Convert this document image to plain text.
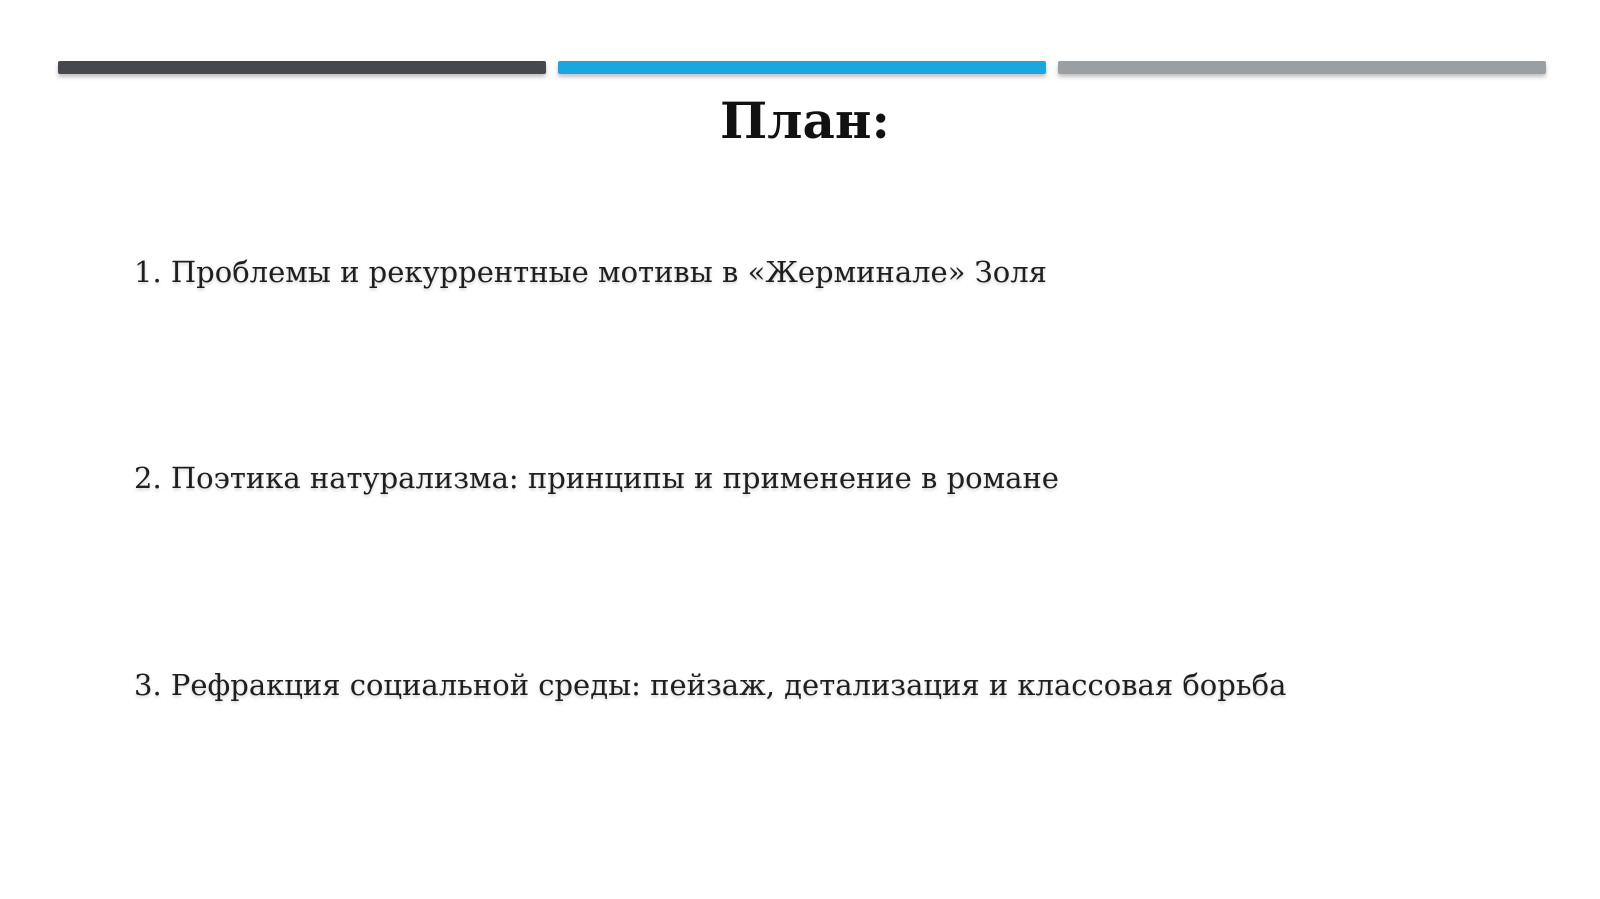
План:
1. Проблемы и рекуррентные мотивы в «Жерминале» Золя
2. Поэтика натурализма: принципы и применение в романе
3. Рефракция социальной среды: пейзаж, детализация и классовая борьба
